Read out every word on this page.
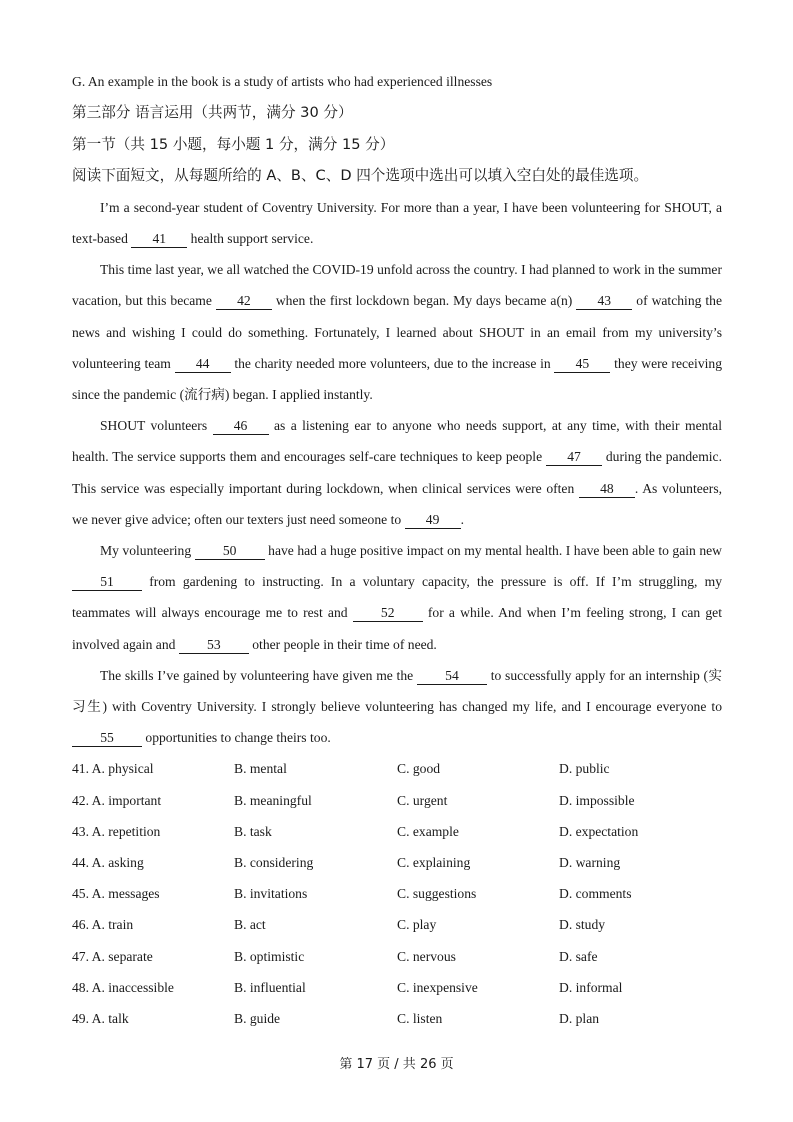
G. An example in the book is a study of artists who had experienced illnesses
第三部分 语言运用（共两节，满分 30 分）
第一节（共 15 小题，每小题 1 分，满分 15 分）
阅读下面短文，从每题所给的 A、B、C、D 四个选项中选出可以填入空白处的最佳选项。

I’m a second-year student of Coventry University. For more than a year, I have been volunteering for SHOUT, a text-based 41 health support service.

This time last year, we all watched the COVID-19 unfold across the country. I had planned to work in the summer vacation, but this became 42 when the first lockdown began. My days became a(n) 43 of watching the news and wishing I could do something. Fortunately, I learned about SHOUT in an email from my university’s volunteering team 44 the charity needed more volunteers, due to the increase in 45 they were receiving since the pandemic (流行病) began. I applied instantly.

SHOUT volunteers 46 as a listening ear to anyone who needs support, at any time, with their mental health. The service supports them and encourages self-care techniques to keep people 47 during the pandemic. This service was especially important during lockdown, when clinical services were often 48 . As volunteers, we never give advice; often our texters just need someone to 49 .

My volunteering 50 have had a huge positive impact on my mental health. I have been able to gain new 51 from gardening to instructing. In a voluntary capacity, the pressure is off. If I’m struggling, my teammates will always encourage me to rest and 52 for a while. And when I’m feeling strong, I can get involved again and 53 other people in their time of need.

The skills I’ve gained by volunteering have given me the 54 to successfully apply for an internship (实习生) with Coventry University. I strongly believe volunteering has changed my life, and I encourage everyone to 55 opportunities to change theirs too.

41. A. physical	B. mental	C. good	D. public
42. A. important	B. meaningful	C. urgent	D. impossible
43. A. repetition	B. task	C. example	D. expectation
44. A. asking	B. considering	C. explaining	D. warning
45. A. messages	B. invitations	C. suggestions	D. comments
46. A. train	B. act	C. play	D. study
47. A. separate	B. optimistic	C. nervous	D. safe
48. A. inaccessible	B. influential	C. inexpensive	D. informal
49. A. talk	B. guide	C. listen	D. plan
第 17 页 / 共 26 页
